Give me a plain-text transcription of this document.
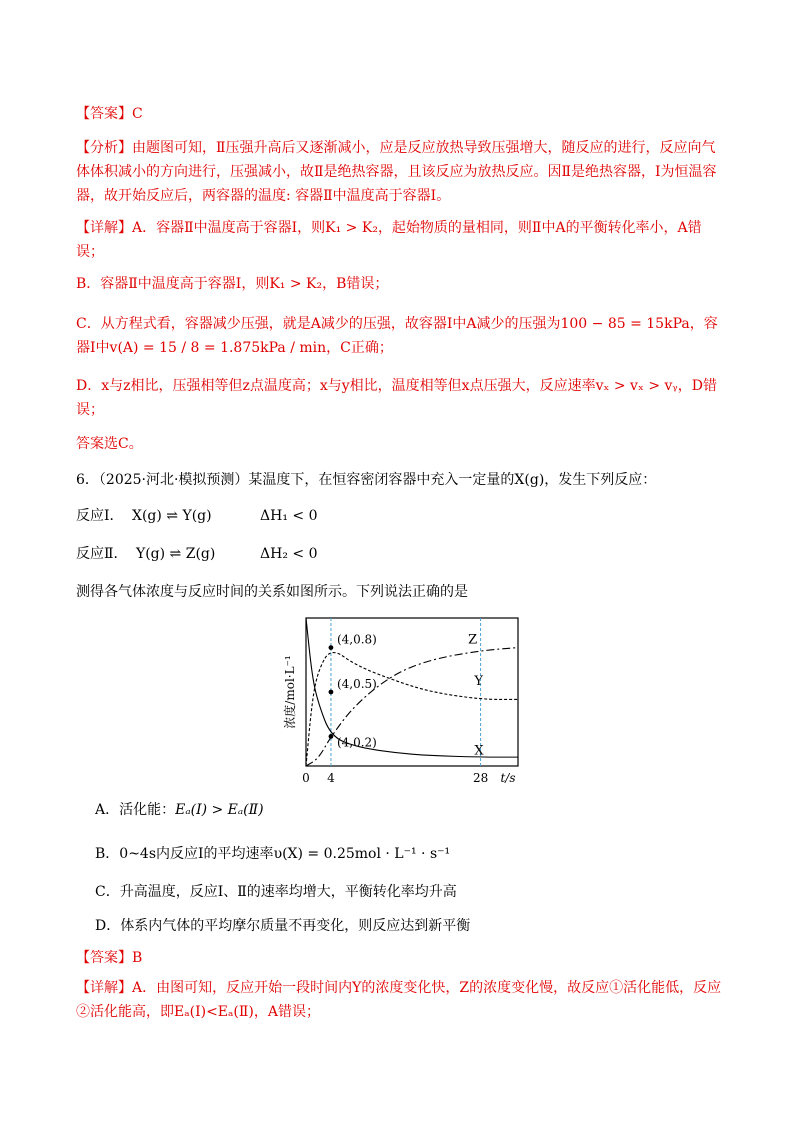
【答案】C
【分析】由题图可知，Ⅱ压强升高后又逐渐减小，应是反应放热导致压强增大，随反应的进行，反应向气体体积减小的方向进行，压强减小，故Ⅱ是绝热容器，且该反应为放热反应。因Ⅱ是绝热容器，Ⅰ为恒温容器，故开始反应后，两容器的温度: 容器Ⅱ中温度高于容器Ⅰ。
【详解】A．容器Ⅱ中温度高于容器Ⅰ，则K₁ > K₂，起始物质的量相同，则Ⅱ中A的平衡转化率小，A错误；
B．容器Ⅱ中温度高于容器Ⅰ，则K₁ > K₂，B错误；
C．从方程式看，容器减少压强，就是A减少的压强，故容器Ⅰ中A减少的压强为100 − 85 = 15kPa，容器Ⅰ中v(A) = 15 / 8 = 1.875kPa / min，C正确；
D．x与z相比，压强相等但z点温度高；x与y相比，温度相等但x点压强大，反应速率vₓ > vₓ > vᵧ，D错误；
答案选C。
6．（2025·河北·模拟预测）某温度下，在恒容密闭容器中充入一定量的X(g)，发生下列反应：
反应Ⅰ． X(g) ⇌ Y(g)	ΔH₁ < 0
反应Ⅱ． Y(g) ⇌ Z(g)	ΔH₂ < 0
测得各气体浓度与反应时间的关系如图所示。下列说法正确的是
X
Y
Z
(4,0.8)
(4,0.5)
(4,0.2)
0 4	28 t/s
浓度/mol·L⁻¹
A．活化能：Eₐ(Ⅰ) > Eₐ(Ⅱ)
B．0~4s内反应Ⅰ的平均速率υ(X) = 0.25mol · L⁻¹ · s⁻¹
C．升高温度，反应Ⅰ、Ⅱ的速率均增大，平衡转化率均升高
D．体系内气体的平均摩尔质量不再变化，则反应达到新平衡
【答案】B
【详解】A．由图可知，反应开始一段时间内Y的浓度变化快，Z的浓度变化慢，故反应①活化能低，反应②活化能高，即Eₐ(Ⅰ)<Eₐ(Ⅱ)，A错误；
